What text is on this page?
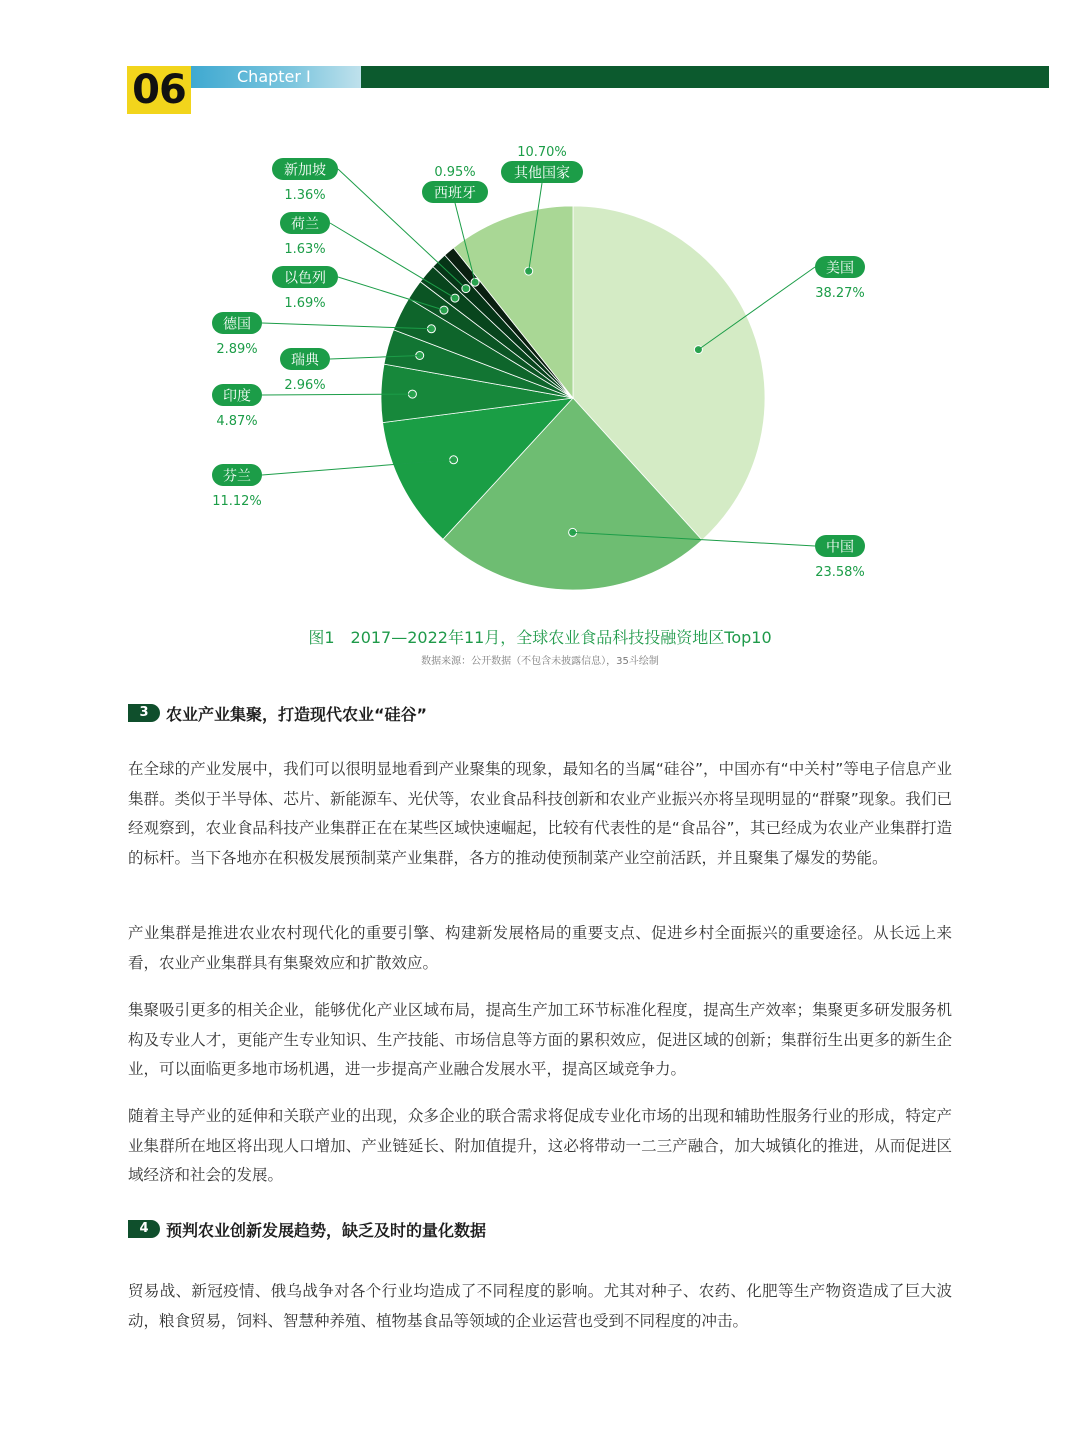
06	Chapter I
美国
38.27%
中国
23.58%
芬兰
11.12%
印度
4.87%
瑞典
2.96%
德国
2.89%
以色列
1.69%
荷兰
1.63%
新加坡
1.36%	西班牙
0.95%	其他国家
10.70%
图1　2017—2022年11月，全球农业食品科技投融资地区Top10
数据来源：公开数据（不包含未披露信息），35斗绘制
3	农业产业集聚，打造现代农业“硅谷”

在全球的产业发展中，我们可以很明显地看到产业聚集的现象，最知名的当属“硅谷”，中国亦有“中关村”等电子信息产业集群。类似于半导体、芯片、新能源车、光伏等，农业食品科技创新和农业产业振兴亦将呈现明显的“群聚”现象。我们已经观察到，农业食品科技产业集群正在在某些区域快速崛起，比较有代表性的是“食品谷”，其已经成为农业产业集群打造的标杆。当下各地亦在积极发展预制菜产业集群，各方的推动使预制菜产业空前活跃，并且聚集了爆发的势能。

产业集群是推进农业农村现代化的重要引擎、构建新发展格局的重要支点、促进乡村全面振兴的重要途径。从长远上来看，农业产业集群具有集聚效应和扩散效应。

集聚吸引更多的相关企业，能够优化产业区域布局，提高生产加工环节标准化程度，提高生产效率；集聚更多研发服务机构及专业人才，更能产生专业知识、生产技能、市场信息等方面的累积效应，促进区域的创新；集群衍生出更多的新生企业，可以面临更多地市场机遇，进一步提高产业融合发展水平，提高区域竞争力。

随着主导产业的延伸和关联产业的出现，众多企业的联合需求将促成专业化市场的出现和辅助性服务行业的形成，特定产业集群所在地区将出现人口增加、产业链延长、附加值提升，这必将带动一二三产融合，加大城镇化的推进，从而促进区域经济和社会的发展。

4	预判农业创新发展趋势，缺乏及时的量化数据

贸易战、新冠疫情、俄乌战争对各个行业均造成了不同程度的影响。尤其对种子、农药、化肥等生产物资造成了巨大波动，粮食贸易，饲料、智慧种养殖、植物基食品等领域的企业运营也受到不同程度的冲击。
